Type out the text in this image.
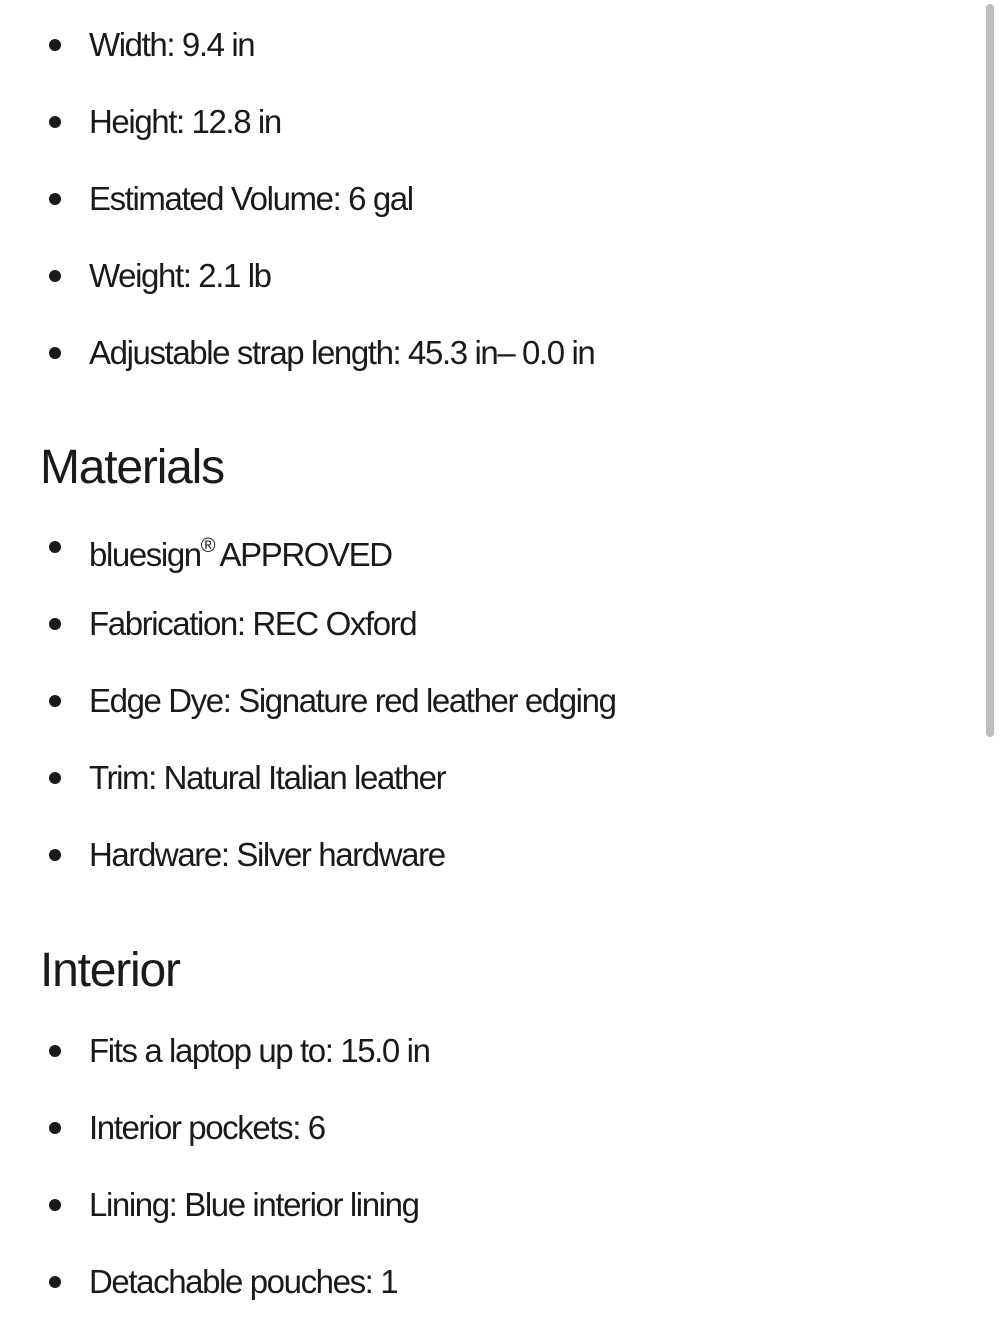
Width: 9.4 in
Height: 12.8 in
Estimated Volume: 6 gal
Weight: 2.1 lb
Adjustable strap length: 45.3 in– 0.0 in
Materials
bluesign® APPROVED
Fabrication: REC Oxford
Edge Dye: Signature red leather edging
Trim: Natural Italian leather
Hardware: Silver hardware
Interior
Fits a laptop up to: 15.0 in
Interior pockets: 6
Lining: Blue interior lining
Detachable pouches: 1
